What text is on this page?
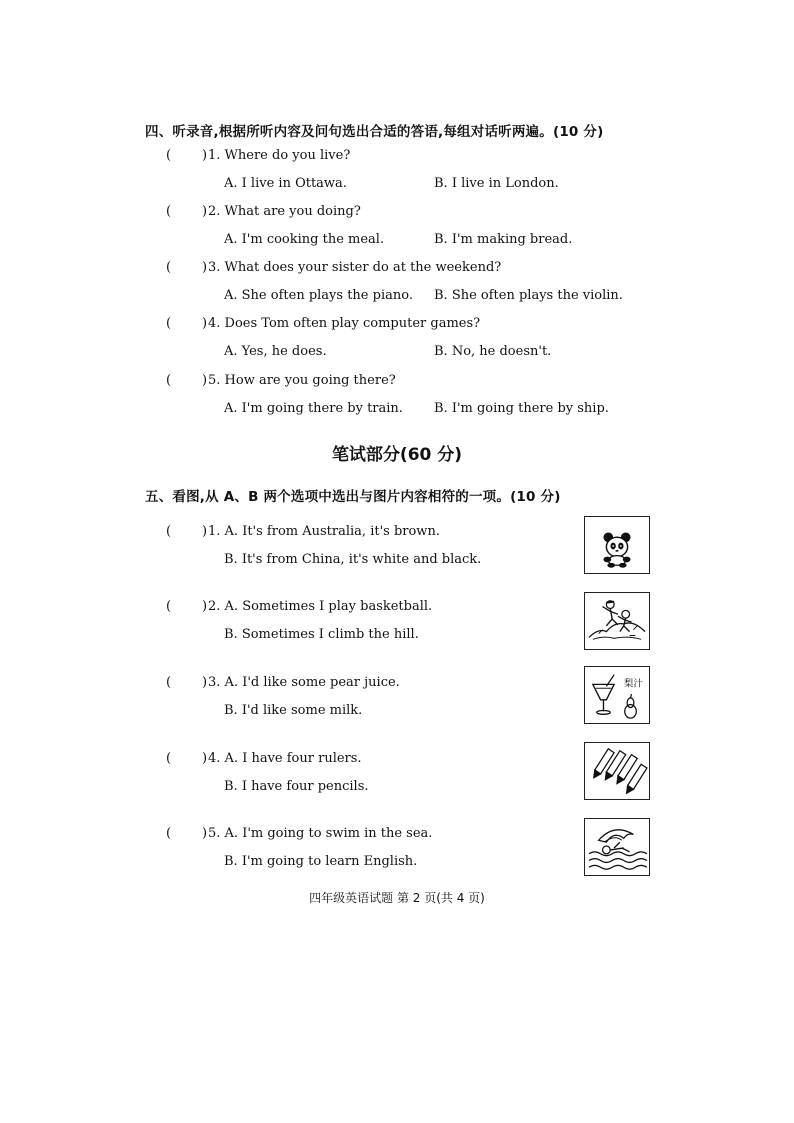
四、听录音,根据所听内容及问句选出合适的答语,每组对话听两遍。(10 分)
( ) 1. Where do you live?
A. I live in Ottawa.	B. I live in London.
( ) 2. What are you doing?
A. I'm cooking the meal.	B. I'm making bread.
( ) 3. What does your sister do at the weekend?
A. She often plays the piano. B. She often plays the violin.
( ) 4. Does Tom often play computer games?
A. Yes, he does.	B. No, he doesn't.
( ) 5. How are you going there?
A. I'm going there by train. B. I'm going there by ship.
笔试部分(60 分)
五、看图,从 A、B 两个选项中选出与图片内容相符的一项。(10 分)
( ) 1. A. It's from Australia, it's brown.
B. It's from China, it's white and black.
( ) 2. A. Sometimes I play basketball.
B. Sometimes I climb the hill.
( ) 3. A. I'd like some pear juice.
B. I'd like some milk.
梨汁
( ) 4. A. I have four rulers.
B. I have four pencils.
( ) 5. A. I'm going to swim in the sea.
B. I'm going to learn English.
四年级英语试题 第 2 页(共 4 页)
